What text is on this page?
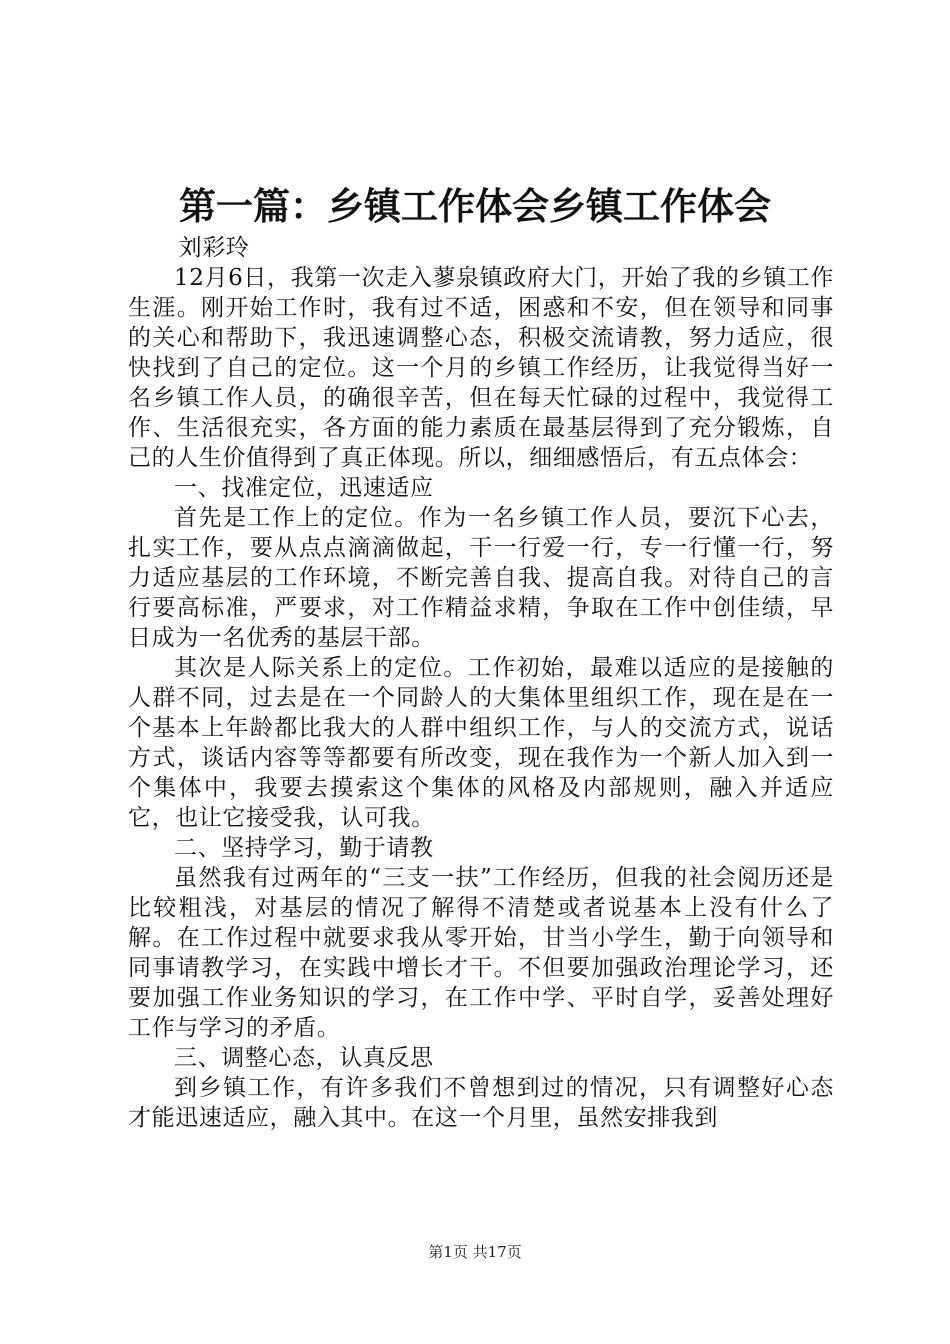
第一篇：乡镇工作体会乡镇工作体会

刘彩玲

12月6日，我第一次走入蓼泉镇政府大门，开始了我的乡镇工作生涯。刚开始工作时，我有过不适，困惑和不安，但在领导和同事的关心和帮助下，我迅速调整心态，积极交流请教，努力适应，很快找到了自己的定位。这一个月的乡镇工作经历，让我觉得当好一名乡镇工作人员，的确很辛苦，但在每天忙碌的过程中，我觉得工作、生活很充实，各方面的能力素质在最基层得到了充分锻炼，自己的人生价值得到了真正体现。所以，细细感悟后，有五点体会：

一、找准定位，迅速适应

首先是工作上的定位。作为一名乡镇工作人员，要沉下心去，扎实工作，要从点点滴滴做起，干一行爱一行，专一行懂一行，努力适应基层的工作环境，不断完善自我、提高自我。对待自己的言行要高标准，严要求，对工作精益求精，争取在工作中创佳绩，早日成为一名优秀的基层干部。

其次是人际关系上的定位。工作初始，最难以适应的是接触的人群不同，过去是在一个同龄人的大集体里组织工作，现在是在一个基本上年龄都比我大的人群中组织工作，与人的交流方式，说话方式，谈话内容等等都要有所改变，现在我作为一个新人加入到一个集体中，我要去摸索这个集体的风格及内部规则，融入并适应它，也让它接受我，认可我。

二、坚持学习，勤于请教

虽然我有过两年的“三支一扶”工作经历，但我的社会阅历还是比较粗浅，对基层的情况了解得不清楚或者说基本上没有什么了解。在工作过程中就要求我从零开始，甘当小学生，勤于向领导和同事请教学习，在实践中增长才干。不但要加强政治理论学习，还要加强工作业务知识的学习，在工作中学、平时自学，妥善处理好工作与学习的矛盾。

三、调整心态，认真反思

到乡镇工作，有许多我们不曾想到过的情况，只有调整好心态才能迅速适应，融入其中。在这一个月里，虽然安排我到

第1页 共17页
